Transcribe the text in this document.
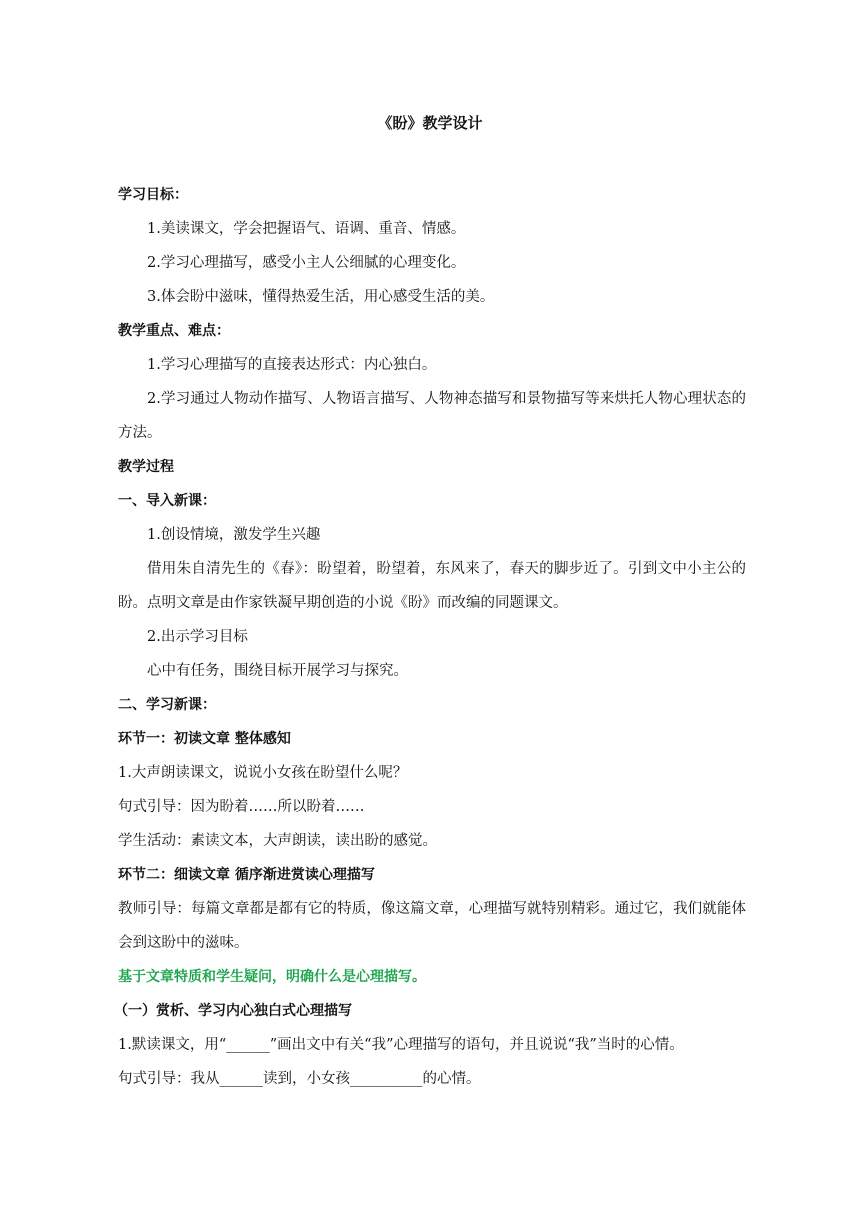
《盼》教学设计

学习目标：

1.美读课文，学会把握语气、语调、重音、情感。

2.学习心理描写，感受小主人公细腻的心理变化。

3.体会盼中滋味，懂得热爱生活，用心感受生活的美。

教学重点、难点：

1.学习心理描写的直接表达形式：内心独白。

2.学习通过人物动作描写、人物语言描写、人物神态描写和景物描写等来烘托人物心理状态的方法。

教学过程

一、导入新课：

1.创设情境，激发学生兴趣

借用朱自清先生的《春》：盼望着，盼望着，东风来了，春天的脚步近了。引到文中小主公的盼。点明文章是由作家铁凝早期创造的小说《盼》而改编的同题课文。

2.出示学习目标

心中有任务，围绕目标开展学习与探究。

二、学习新课：

环节一：初读文章 整体感知

1.大声朗读课文，说说小女孩在盼望什么呢？

句式引导：因为盼着……所以盼着……

学生活动：素读文本，大声朗读，读出盼的感觉。

环节二：细读文章 循序渐进赏读心理描写

教师引导：每篇文章都是都有它的特质，像这篇文章，心理描写就特别精彩。通过它，我们就能体会到这盼中的滋味。

基于文章特质和学生疑问，明确什么是心理描写。

（一）赏析、学习内心独白式心理描写

1.默读课文，用“______”画出文中有关“我”心理描写的语句，并且说说“我”当时的心情。

句式引导：我从______读到，小女孩__________的心情。
